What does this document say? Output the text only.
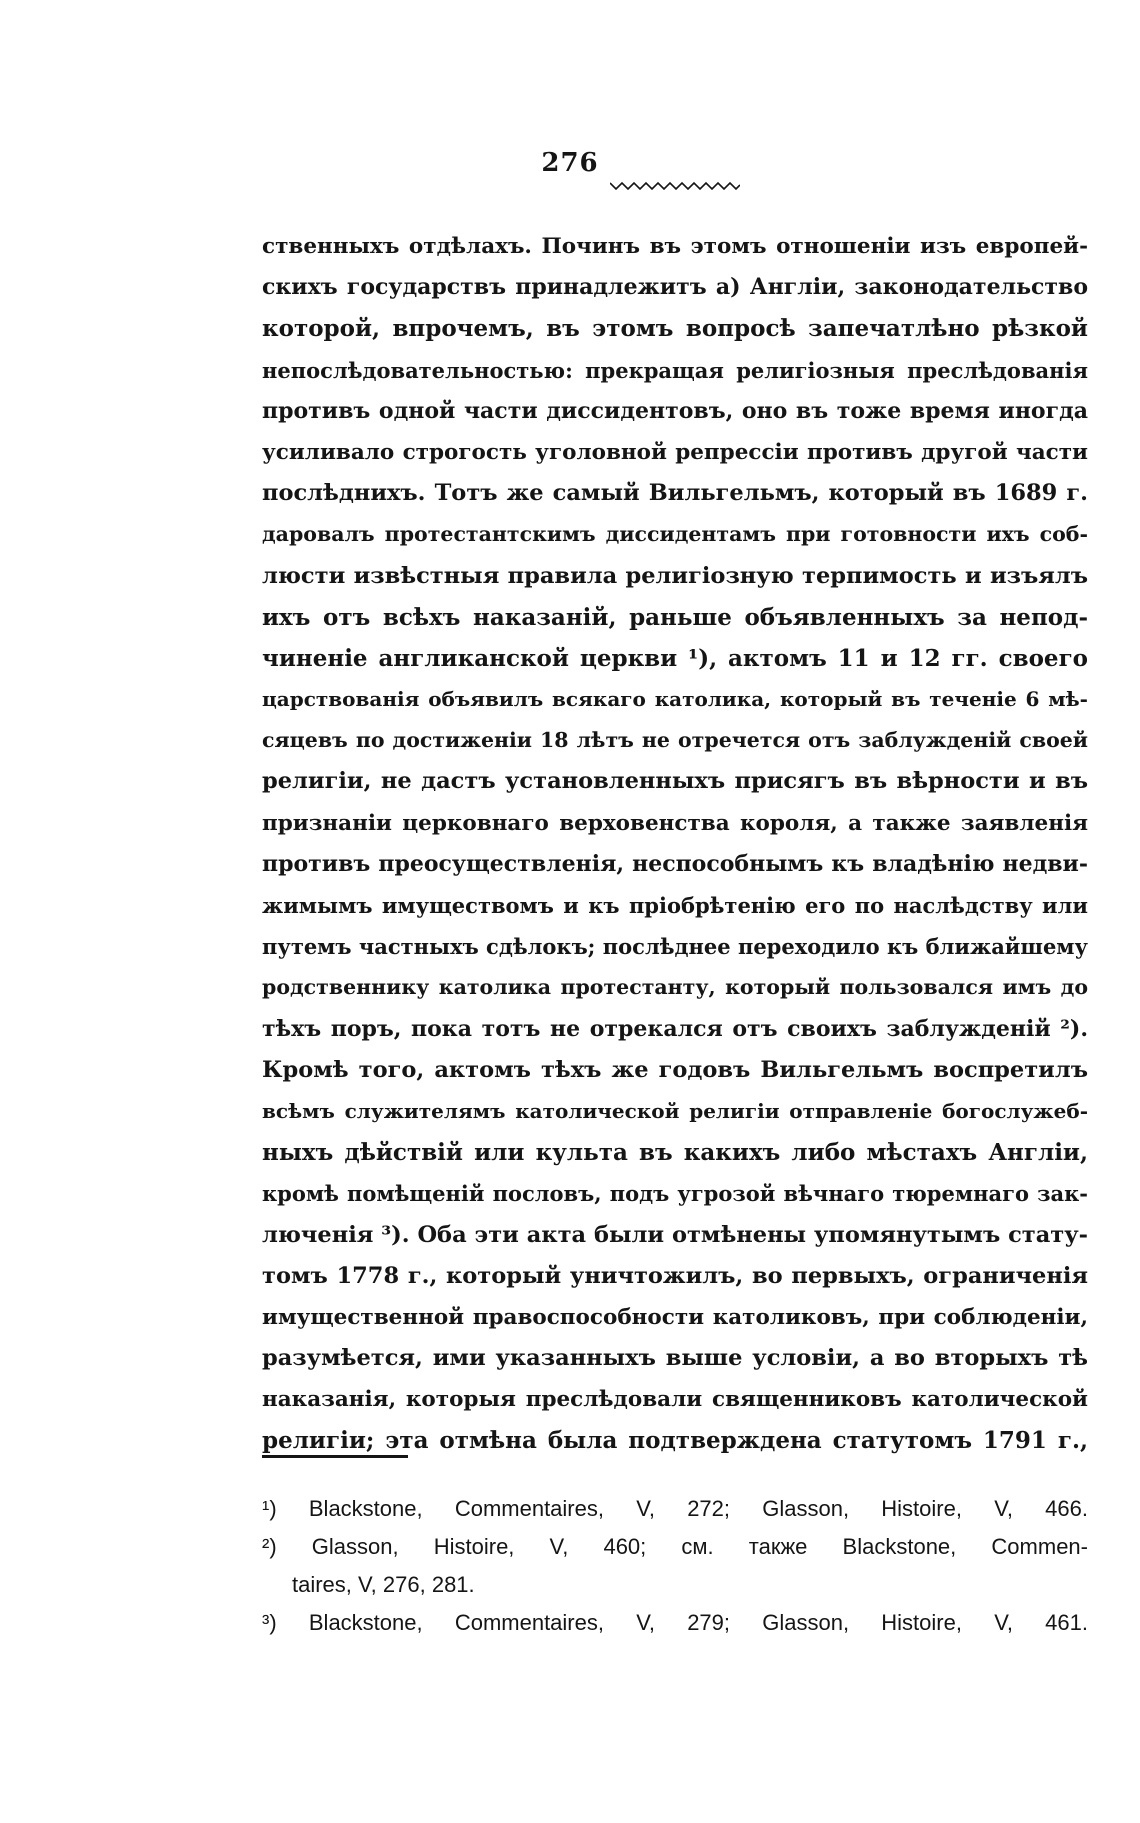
276
ственныхъ отдѣлахъ. Починъ въ этомъ отношеніи изъ европей-
скихъ государствъ принадлежитъ а) Англіи, законодательство
которой, впрочемъ, въ этомъ вопросѣ запечатлѣно рѣзкой
непослѣдовательностью: прекращая религіозныя преслѣдованія
противъ одной части диссидентовъ, оно въ тоже время иногда
усиливало строгость уголовной репрессіи противъ другой части
послѣднихъ. Тотъ же самый Вильгельмъ, который въ 1689 г.
даровалъ протестантскимъ диссидентамъ при готовности ихъ соб-
люсти извѣстныя правила религіозную терпимость и изъялъ
ихъ отъ всѣхъ наказаній, раньше объявленныхъ за непод-
чиненіе англиканской церкви ¹), актомъ 11 и 12 гг. своего
царствованія объявилъ всякаго католика, который въ теченіе 6 мѣ-
сяцевъ по достиженіи 18 лѣтъ не отречется отъ заблужденій своей
религіи, не дастъ установленныхъ присягъ въ вѣрности и въ
признаніи церковнаго верховенства короля, а также заявленія
противъ преосуществленія, неспособнымъ къ владѣнію недви-
жимымъ имуществомъ и къ пріобрѣтенію его по наслѣдству или
путемъ частныхъ сдѣлокъ; послѣднее переходило къ ближайшему
родственнику католика протестанту, который пользовался имъ до
тѣхъ поръ, пока тотъ не отрекался отъ своихъ заблужденій ²).
Кромѣ того, актомъ тѣхъ же годовъ Вильгельмъ воспретилъ
всѣмъ служителямъ католической религіи отправленіе богослужеб-
ныхъ дѣйствій или культа въ какихъ либо мѣстахъ Англіи,
кромѣ помѣщеній пословъ, подъ угрозой вѣчнаго тюремнаго зак-
люченія ³). Оба эти акта были отмѣнены упомянутымъ стату-
томъ 1778 г., который уничтожилъ, во первыхъ, ограниченія
имущественной правоспособности католиковъ, при соблюденіи,
разумѣется, ими указанныхъ выше условіи, а во вторыхъ тѣ
наказанія, которыя преслѣдовали священниковъ католической
религіи; эта отмѣна была подтверждена статутомъ 1791 г.,
¹) Blackstone, Commentaires, V, 272; Glasson, Histoire, V, 466.
²) Glasson, Histoire, V, 460; см. также Blackstone, Commen-
taires, V, 276, 281.
³) Blackstone, Commentaires, V, 279; Glasson, Histoire, V, 461.
